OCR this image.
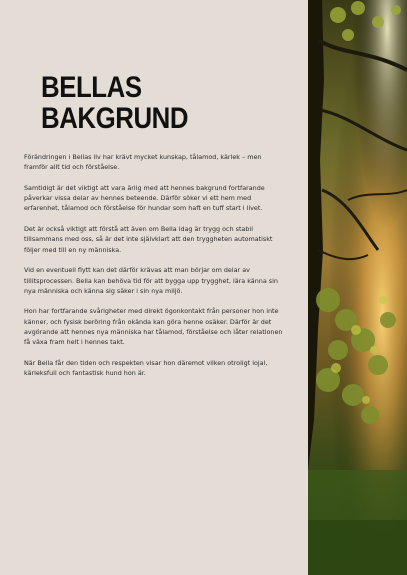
BELLAS
BAKGRUND

Förändringen i Bellas liv har krävt mycket kunskap, tålamod, kärlek – men framför allt tid och förståelse.

Samtidigt är det viktigt att vara ärlig med att hennes bakgrund fortfarande påverkar vissa delar av hennes beteende. Därför söker vi ett hem med erfarenhet, tålamod och förståelse för hundar som haft en tuff start i livet.

Det är också viktigt att förstå att även om Bella idag är trygg och stabil tillsammans med oss, så är det inte självklart att den tryggheten automatiskt följer med till en ny människa.

Vid en eventuell flytt kan det därför krävas att man börjar om delar av tillitsprocessen. Bella kan behöva tid för att bygga upp trygghet, lära känna sin nya människa och känna sig säker i sin nya miljö.

Hon har fortfarande svårigheter med direkt ögonkontakt från personer hon inte känner, och fysisk beröring från okända kan göra henne osäker. Därför är det avgörande att hennes nya människa har tålamod, förståelse och låter relationen få växa fram helt i hennes takt.

När Bella får den tiden och respekten visar hon däremot vilken otroligt lojal, kärleksfull och fantastisk hund hon är.
